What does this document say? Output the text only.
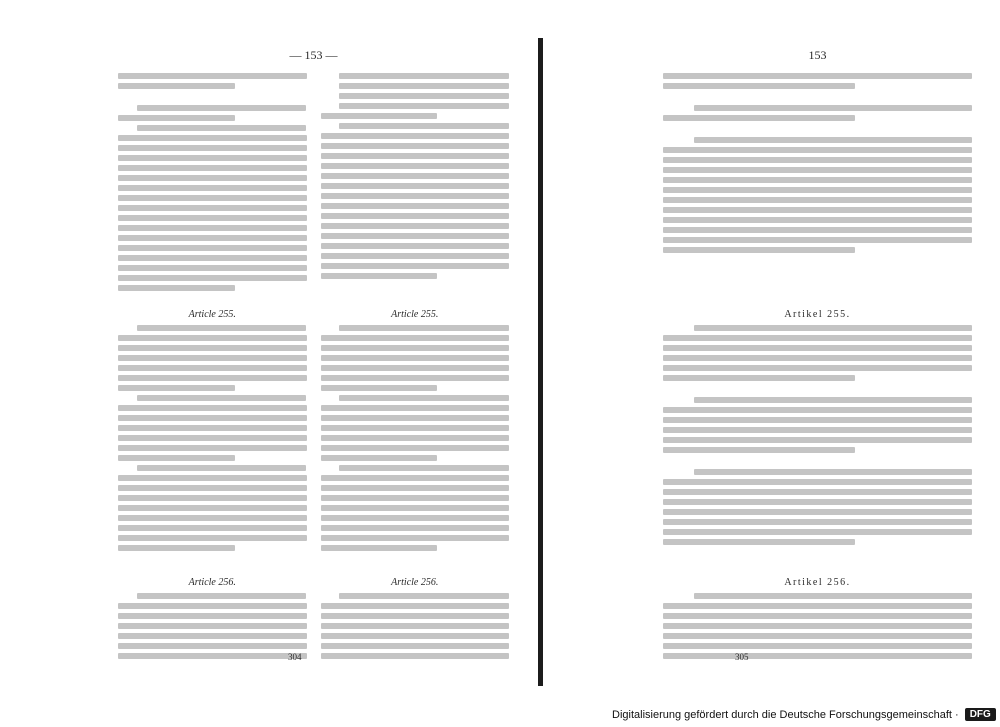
— 153 —
Article 255.
Article 256.
Article 255.
Article 256.
304
153
Artikel 255.
Artikel 256.
305
Digitalisierung gefördert durch die Deutsche Forschungsgemeinschaft ·	DFG
